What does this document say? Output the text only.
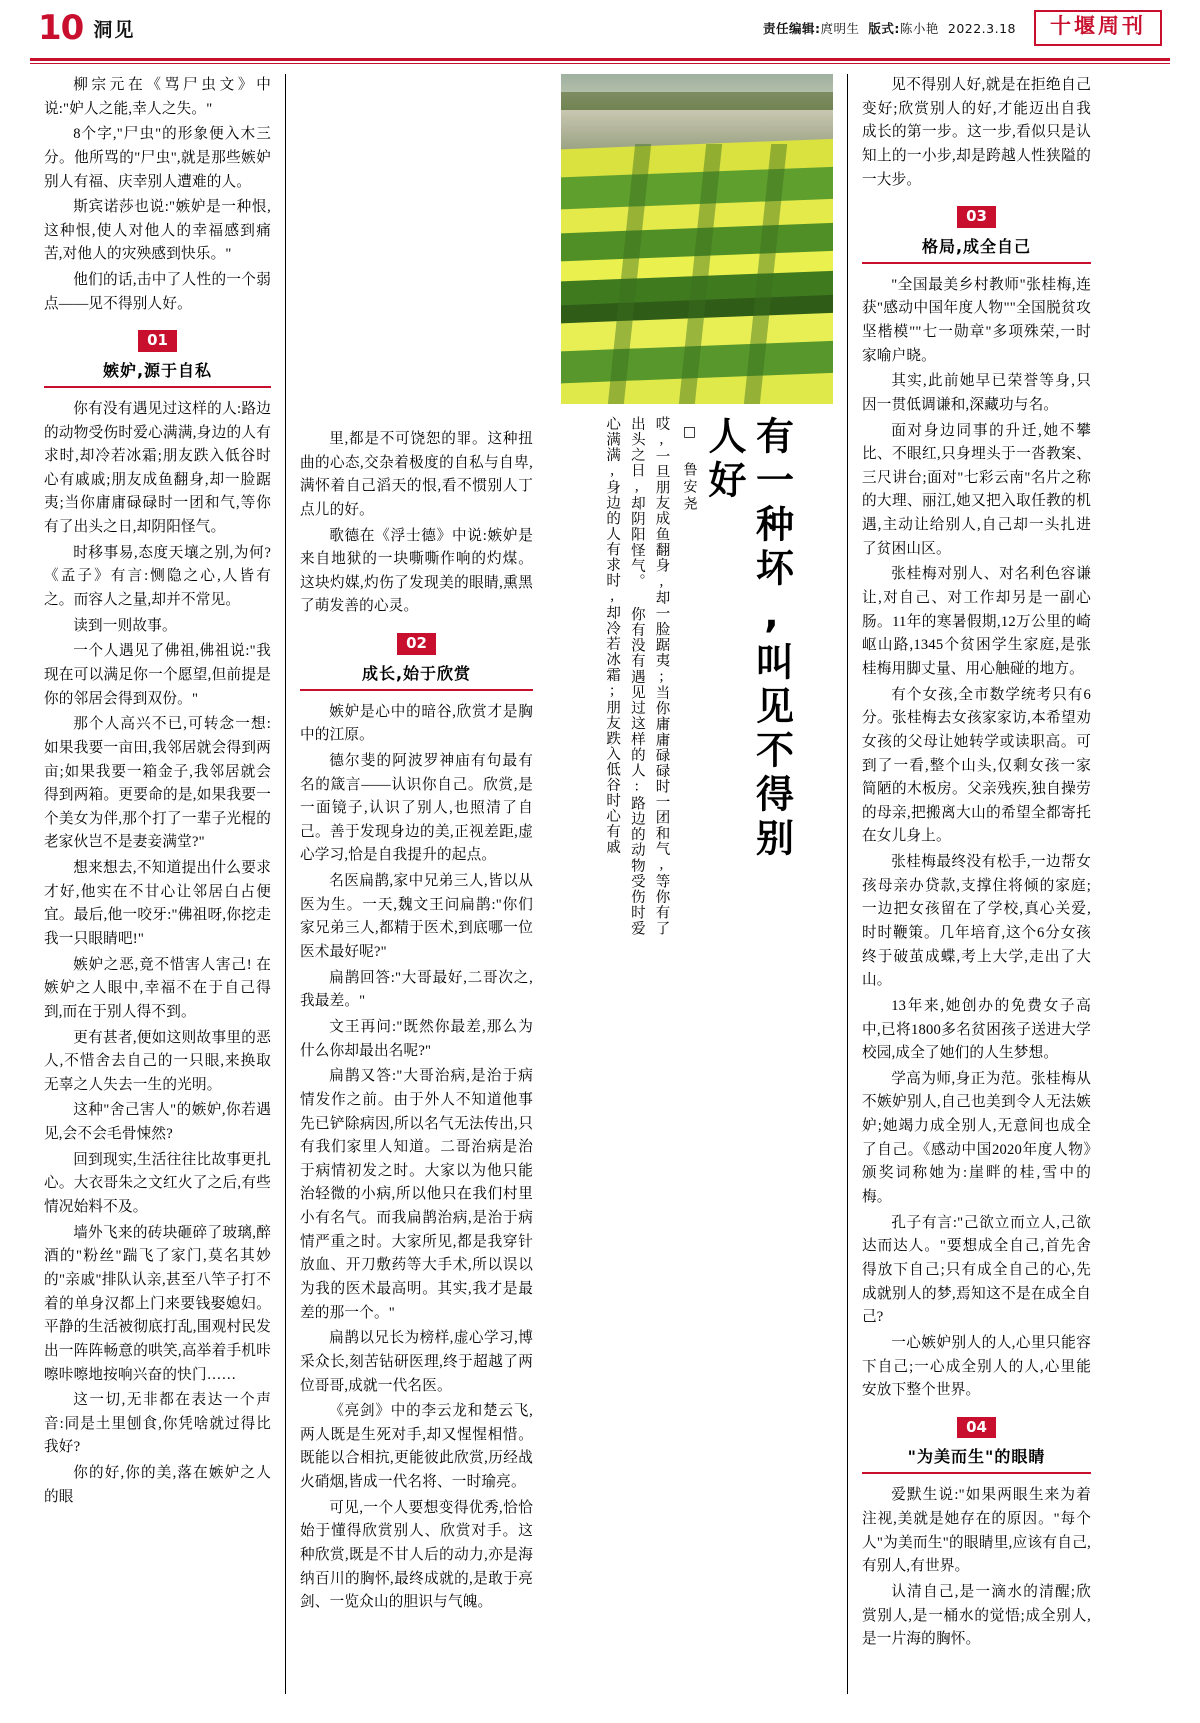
10 洞见	责任编辑:庹明生 版式:陈小艳 2022.3.18	十堰周刊

柳宗元在《骂尸虫文》中说:"妒人之能,幸人之失。"

8个字,"尸虫"的形象便入木三分。他所骂的"尸虫",就是那些嫉妒别人有福、庆幸别人遭难的人。

斯宾诺莎也说:"嫉妒是一种恨,这种恨,使人对他人的幸福感到痛苦,对他人的灾殃感到快乐。"

他们的话,击中了人性的一个弱点——见不得别人好。

01
嫉妒,源于自私

你有没有遇见过这样的人:路边的动物受伤时爱心满满,身边的人有求时,却冷若冰霜;朋友跌入低谷时心有戚戚;朋友成鱼翻身,却一脸踞夷;当你庸庸碌碌时一团和气,等你有了出头之日,却阴阳怪气。

时移事易,态度天壤之别,为何?《孟子》有言:恻隐之心,人皆有之。而容人之量,却并不常见。

读到一则故事。

一个人遇见了佛祖,佛祖说:"我现在可以满足你一个愿望,但前提是你的邻居会得到双份。"

那个人高兴不已,可转念一想:如果我要一亩田,我邻居就会得到两亩;如果我要一箱金子,我邻居就会得到两箱。更要命的是,如果我要一个美女为伴,那个打了一辈子光棍的老家伙岂不是妻妾满堂?"

想来想去,不知道提出什么要求才好,他实在不甘心让邻居白占便宜。最后,他一咬牙:"佛祖呀,你挖走我一只眼睛吧!"

嫉妒之恶,竟不惜害人害己! 在嫉妒之人眼中,幸福不在于自己得到,而在于别人得不到。

更有甚者,便如这则故事里的恶人,不惜舍去自己的一只眼,来换取无辜之人失去一生的光明。

这种"舍己害人"的嫉妒,你若遇见,会不会毛骨悚然?

回到现实,生活往往比故事更扎心。大衣哥朱之文红火了之后,有些情况始料不及。

墙外飞来的砖块砸碎了玻璃,醉酒的"粉丝"踹飞了家门,莫名其妙的"亲戚"排队认亲,甚至八竿子打不着的单身汉都上门来要钱娶媳妇。平静的生活被彻底打乱,围观村民发出一阵阵畅意的哄笑,高举着手机咔嚓咔嚓地按响兴奋的快门……

这一切,无非都在表达一个声音:同是土里刨食,你凭啥就过得比我好?

你的好,你的美,落在嫉妒之人的眼

里,都是不可饶恕的罪。这种扭曲的心态,交杂着极度的自私与自卑,满怀着自己滔天的恨,看不惯别人丁点儿的好。

歌德在《浮士德》中说:嫉妒是来自地狱的一块嘶嘶作响的灼煤。这块灼媒,灼伤了发现美的眼睛,熏黑了萌发善的心灵。

02
成长,始于欣赏

嫉妒是心中的暗谷,欣赏才是胸中的江原。

德尔斐的阿波罗神庙有句最有名的箴言——认识你自己。欣赏,是一面镜子,认识了别人,也照清了自己。善于发现身边的美,正视差距,虚心学习,恰是自我提升的起点。

名医扁鹊,家中兄弟三人,皆以从医为生。一天,魏文王问扁鹊:"你们家兄弟三人,都精于医术,到底哪一位医术最好呢?"

扁鹊回答:"大哥最好,二哥次之,我最差。"

文王再问:"既然你最差,那么为什么你却最出名呢?"

扁鹊又答:"大哥治病,是治于病情发作之前。由于外人不知道他事先已铲除病因,所以名气无法传出,只有我们家里人知道。二哥治病是治于病情初发之时。大家以为他只能治轻微的小病,所以他只在我们村里小有名气。而我扁鹊治病,是治于病情严重之时。大家所见,都是我穿针放血、开刀敷药等大手术,所以误以为我的医术最高明。其实,我才是最差的那一个。"

扁鹊以兄长为榜样,虚心学习,博采众长,刻苦钻研医理,终于超越了两位哥哥,成就一代名医。

《亮剑》中的李云龙和楚云飞,两人既是生死对手,却又惺惺相惜。既能以合相抗,更能彼此欣赏,历经战火硝烟,皆成一代名将、一时瑜亮。

可见,一个人要想变得优秀,恰恰始于懂得欣赏别人、欣赏对手。这种欣赏,既是不甘人后的动力,亦是海纳百川的胸怀,最终成就的,是敢于亮剑、一览众山的胆识与气魄。

有一种坏,叫见不得别人好
□ 鲁安尧
哎,一旦朋友成鱼翻身,却一脸踞夷;当你庸庸碌碌时一团和气,等你有了出头之日,却阴阳怪气。 你有没有遇见过这样的人:路边的动物受伤时爱心满满,身边的人有求时,却冷若冰霜;朋友跌入低谷时心有戚

见不得别人好,就是在拒绝自己变好;欣赏别人的好,才能迈出自我成长的第一步。这一步,看似只是认知上的一小步,却是跨越人性狭隘的一大步。

03
格局,成全自己

"全国最美乡村教师"张桂梅,连获"感动中国年度人物""全国脱贫攻坚楷模""七一勋章"多项殊荣,一时家喻户晓。

其实,此前她早已荣誉等身,只因一贯低调谦和,深藏功与名。

面对身边同事的升迁,她不攀比、不眼红,只身埋头于一沓教案、三尺讲台;面对"七彩云南"名片之称的大理、丽江,她又把入取任教的机遇,主动让给别人,自己却一头扎进了贫困山区。

张桂梅对别人、对名利色容谦让,对自己、对工作却另是一副心肠。11年的寒暑假期,12万公里的崎岖山路,1345个贫困学生家庭,是张桂梅用脚丈量、用心触碰的地方。

有个女孩,全市数学统考只有6分。张桂梅去女孩家家访,本希望劝女孩的父母让她转学或读职高。可到了一看,整个山头,仅剩女孩一家简陋的木板房。父亲残疾,独自操劳的母亲,把搬离大山的希望全都寄托在女儿身上。

张桂梅最终没有松手,一边帮女孩母亲办贷款,支撑住将倾的家庭;一边把女孩留在了学校,真心关爱,时时鞭策。几年培育,这个6分女孩终于破茧成蝶,考上大学,走出了大山。

13年来,她创办的免费女子高中,已将1800多名贫困孩子送进大学校园,成全了她们的人生梦想。

学高为师,身正为范。张桂梅从不嫉妒别人,自己也美到令人无法嫉妒;她竭力成全别人,无意间也成全了自己。《感动中国2020年度人物》颁奖词称她为:崖畔的桂,雪中的梅。

孔子有言:"己欲立而立人,己欲达而达人。"要想成全自己,首先舍得放下自己;只有成全自己的心,先成就别人的梦,焉知这不是在成全自己?

一心嫉妒别人的人,心里只能容下自己;一心成全别人的人,心里能安放下整个世界。

04
"为美而生"的眼睛

爱默生说:"如果两眼生来为着注视,美就是她存在的原因。"每个人"为美而生"的眼睛里,应该有自己,有别人,有世界。

认清自己,是一滴水的清醒;欣赏别人,是一桶水的觉悟;成全别人,是一片海的胸怀。
